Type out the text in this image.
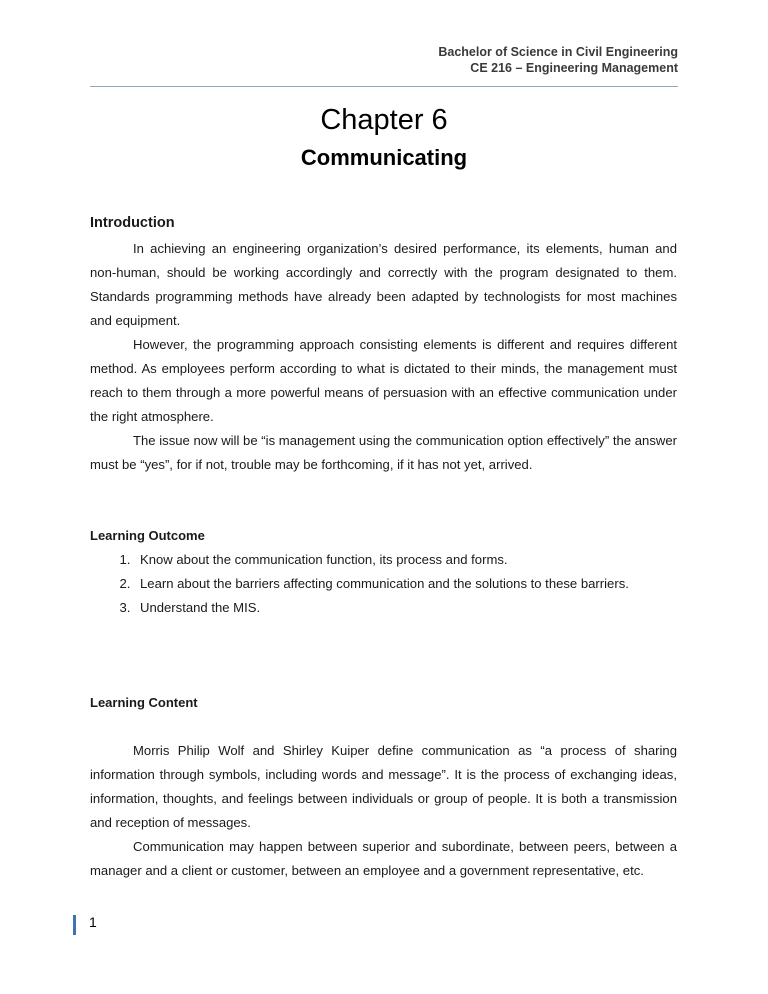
Bachelor of Science in Civil Engineering
CE 216 – Engineering Management
Chapter 6
Communicating
Introduction

In achieving an engineering organization’s desired performance, its elements, human and non-human, should be working accordingly and correctly with the program designated to them. Standards programming methods have already been adapted by technologists for most machines and equipment.

However, the programming approach consisting elements is different and requires different method. As employees perform according to what is dictated to their minds, the management must reach to them through a more powerful means of persuasion with an effective communication under the right atmosphere.

The issue now will be “is management using the communication option effectively” the answer must be “yes”, for if not, trouble may be forthcoming, if it has not yet, arrived.

Learning Outcome
1. Know about the communication function, its process and forms.
2. Learn about the barriers affecting communication and the solutions to these barriers.
3. Understand the MIS.
Learning Content

Morris Philip Wolf and Shirley Kuiper define communication as “a process of sharing information through symbols, including words and message”. It is the process of exchanging ideas, information, thoughts, and feelings between individuals or group of people. It is both a transmission and reception of messages.

Communication may happen between superior and subordinate, between peers, between a manager and a client or customer, between an employee and a government representative, etc.

1
